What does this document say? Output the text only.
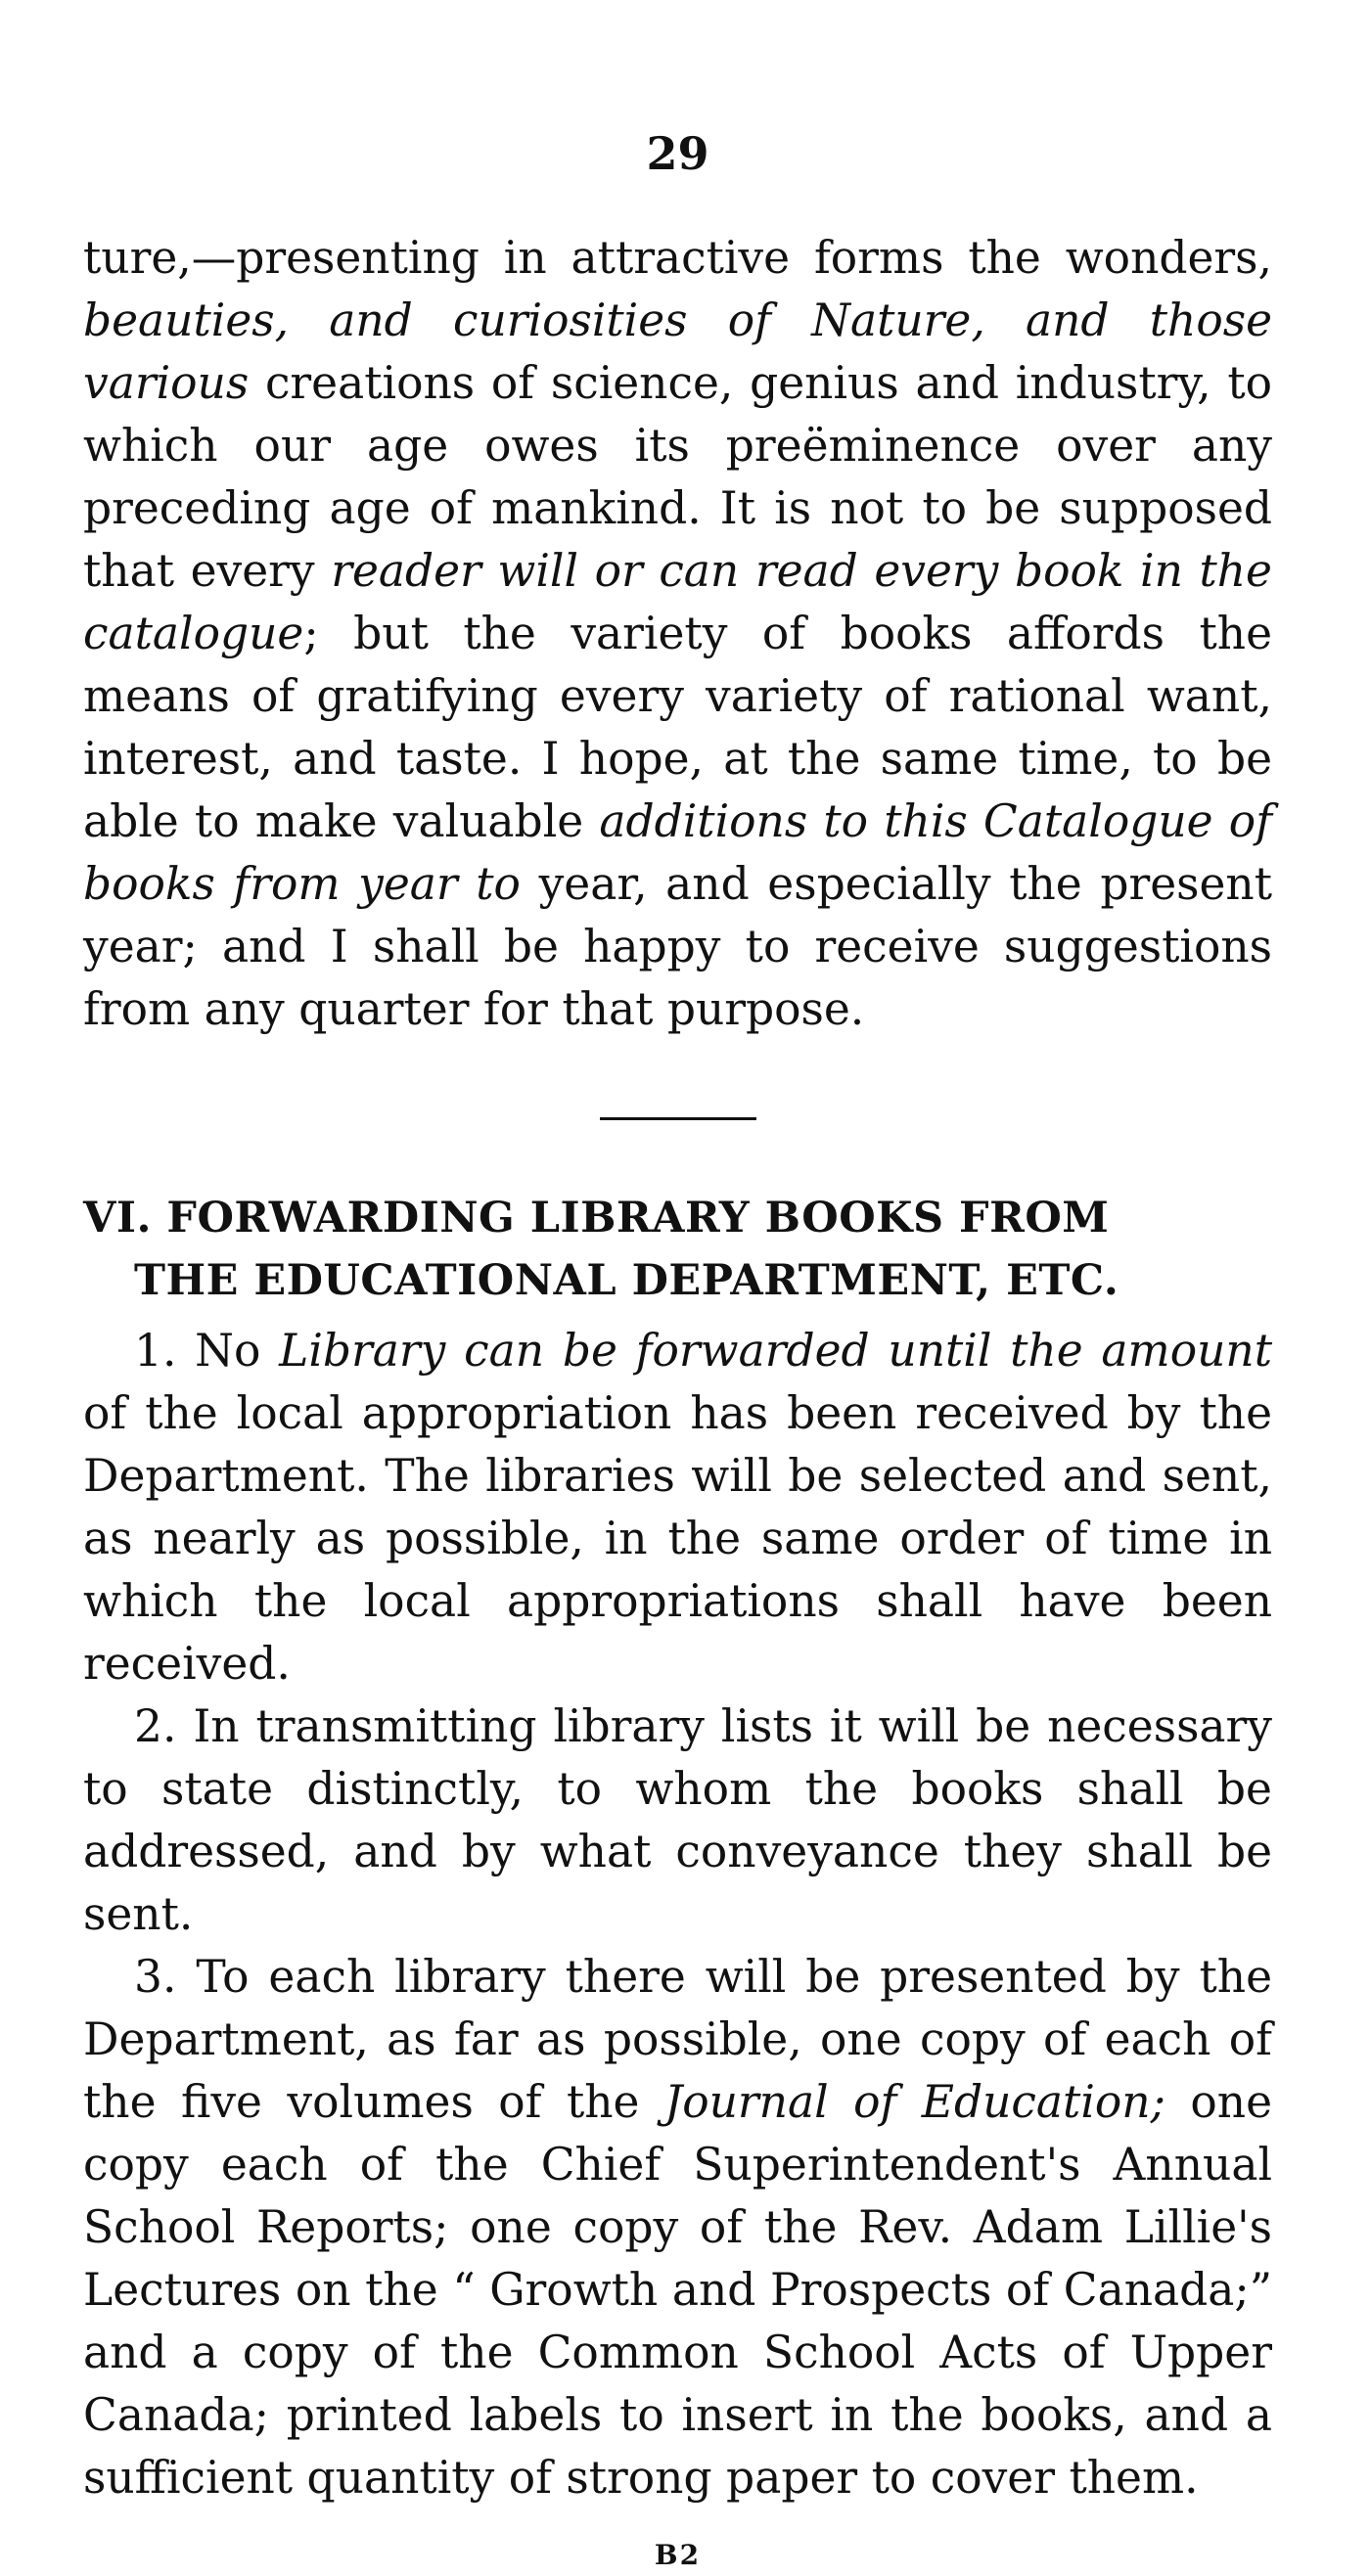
29

ture,—presenting in attractive forms the wonders, beauties, and curiosities of Nature, and those various creations of science, genius and industry, to which our age owes its preëminence over any preceding age of mankind. It is not to be supposed that every reader will or can read every book in the catalogue; but the variety of books affords the means of gratifying every variety of rational want, interest, and taste. I hope, at the same time, to be able to make valuable additions to this Catalogue of books from year to year, and especially the present year; and I shall be happy to receive suggestions from any quarter for that purpose.

VI. FORWARDING LIBRARY BOOKS FROM
THE EDUCATIONAL DEPARTMENT, ETC.

1. No Library can be forwarded until the amount of the local appropriation has been received by the Department. The libraries will be selected and sent, as nearly as possible, in the same order of time in which the local appropriations shall have been received.

2. In transmitting library lists it will be necessary to state distinctly, to whom the books shall be addressed, and by what conveyance they shall be sent.

3. To each library there will be presented by the Department, as far as possible, one copy of each of the five volumes of the Journal of Education; one copy each of the Chief Superintendent's Annual School Reports; one copy of the Rev. Adam Lillie's Lectures on the “ Growth and Prospects of Canada;” and a copy of the Common School Acts of Upper Canada; printed labels to insert in the books, and a sufficient quantity of strong paper to cover them.

B2
